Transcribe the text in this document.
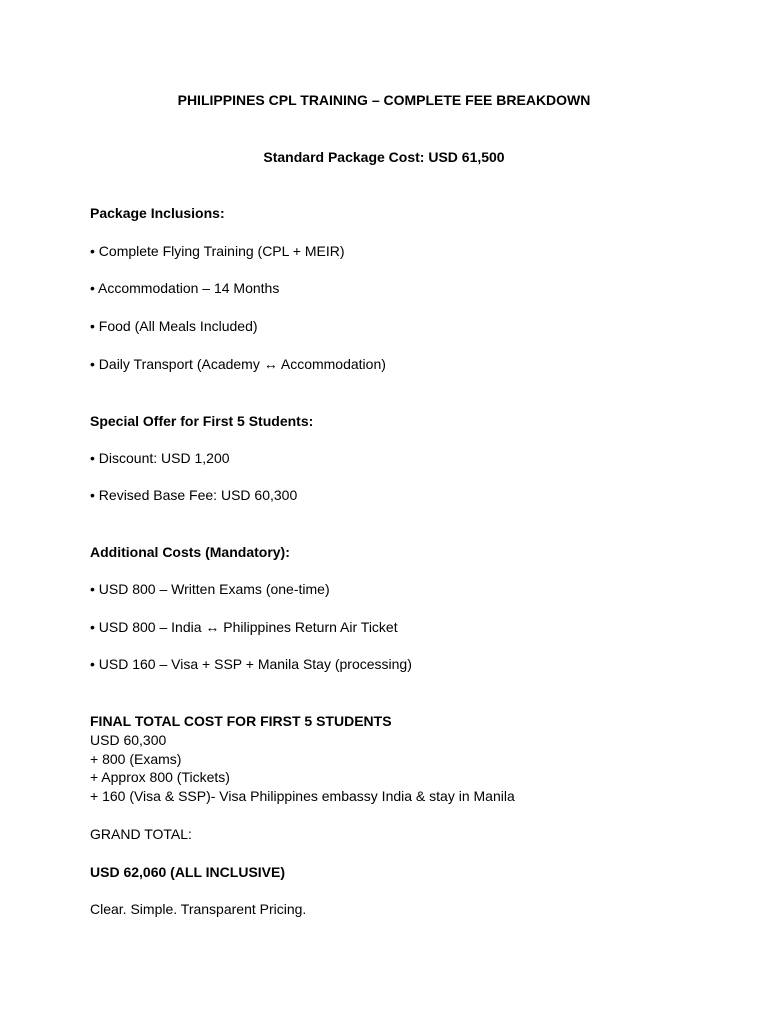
PHILIPPINES CPL TRAINING – COMPLETE FEE BREAKDOWN
Standard Package Cost: USD 61,500
Package Inclusions:
• Complete Flying Training (CPL + MEIR)
• Accommodation – 14 Months
• Food (All Meals Included)
• Daily Transport (Academy ↔ Accommodation)
Special Offer for First 5 Students:
• Discount: USD 1,200
• Revised Base Fee: USD 60,300
Additional Costs (Mandatory):
• USD 800 – Written Exams (one-time)
• USD 800 – India ↔ Philippines Return Air Ticket
• USD 160 – Visa + SSP + Manila Stay (processing)
FINAL TOTAL COST FOR FIRST 5 STUDENTS
USD 60,300
+ 800 (Exams)
+ Approx 800 (Tickets)
+ 160 (Visa & SSP)- Visa Philippines embassy India & stay in Manila
GRAND TOTAL:
USD 62,060 (ALL INCLUSIVE)
Clear. Simple. Transparent Pricing.
